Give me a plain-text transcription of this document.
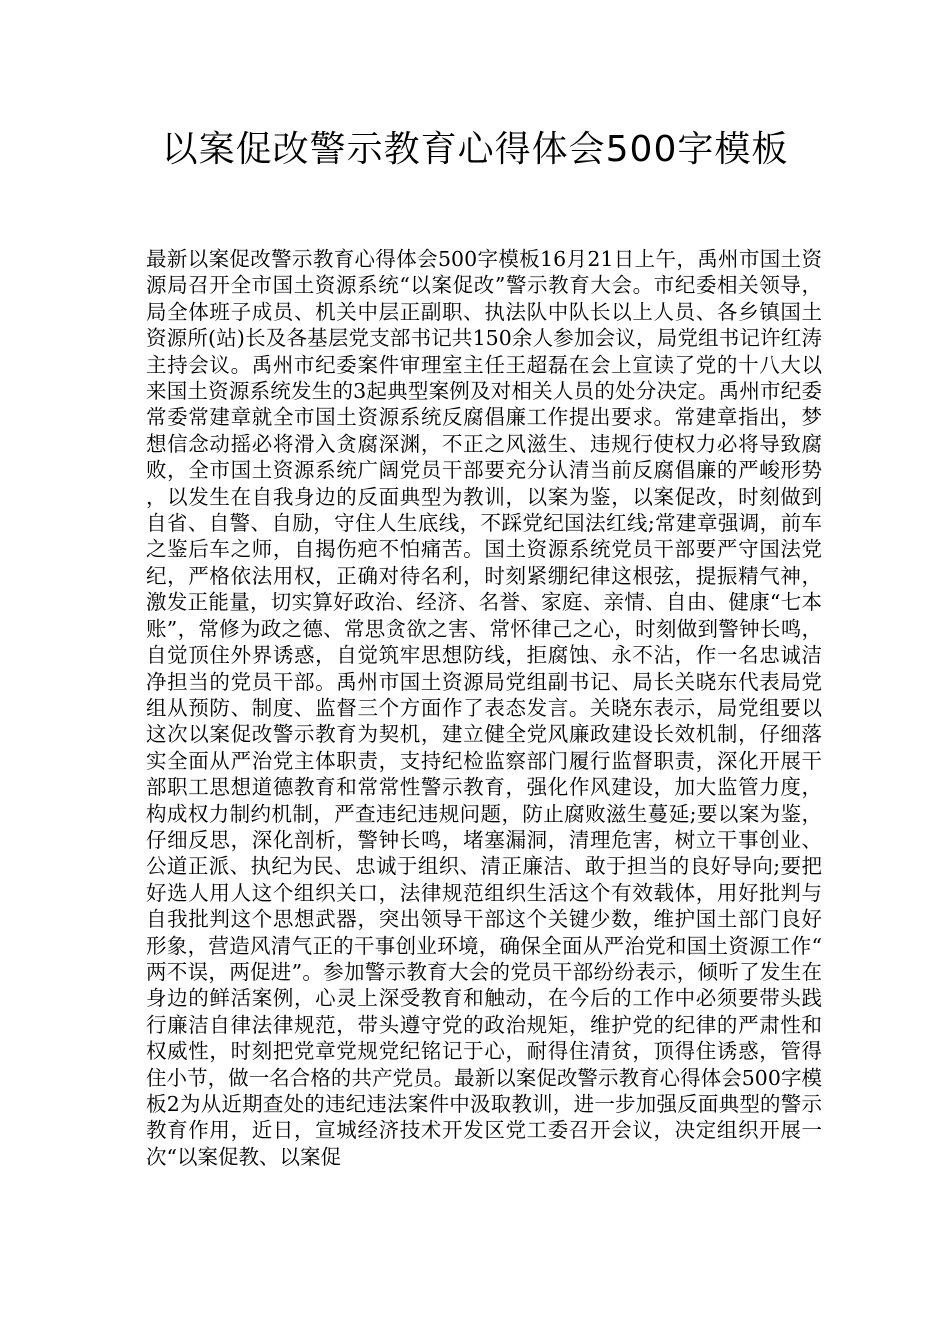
以案促改警示教育心得体会500字模板

最新以案促改警示教育心得体会500字模板16月21日上午，禹州市国土资源局召开全市国土资源系统“以案促改”警示教育大会。市纪委相关领导，局全体班子成员、机关中层正副职、执法队中队长以上人员、各乡镇国土资源所(站)长及各基层党支部书记共150余人参加会议，局党组书记许红涛主持会议。禹州市纪委案件审理室主任王超磊在会上宣读了党的十八大以来国土资源系统发生的3起典型案例及对相关人员的处分决定。禹州市纪委常委常建章就全市国土资源系统反腐倡廉工作提出要求。常建章指出，梦想信念动摇必将滑入贪腐深渊，不正之风滋生、违规行使权力必将导致腐败，全市国土资源系统广阔党员干部要充分认清当前反腐倡廉的严峻形势，以发生在自我身边的反面典型为教训，以案为鉴，以案促改，时刻做到自省、自警、自励，守住人生底线，不踩党纪国法红线;常建章强调，前车之鉴后车之师，自揭伤疤不怕痛苦。国土资源系统党员干部要严守国法党纪，严格依法用权，正确对待名利，时刻紧绷纪律这根弦，提振精气神，激发正能量，切实算好政治、经济、名誉、家庭、亲情、自由、健康“七本账”，常修为政之德、常思贪欲之害、常怀律己之心，时刻做到警钟长鸣，自觉顶住外界诱惑，自觉筑牢思想防线，拒腐蚀、永不沾，作一名忠诚洁净担当的党员干部。禹州市国土资源局党组副书记、局长关晓东代表局党组从预防、制度、监督三个方面作了表态发言。关晓东表示，局党组要以这次以案促改警示教育为契机，建立健全党风廉政建设长效机制，仔细落实全面从严治党主体职责，支持纪检监察部门履行监督职责，深化开展干部职工思想道德教育和常常性警示教育，强化作风建设，加大监管力度，构成权力制约机制，严查违纪违规问题，防止腐败滋生蔓延;要以案为鉴，仔细反思，深化剖析，警钟长鸣，堵塞漏洞，清理危害，树立干事创业、公道正派、执纪为民、忠诚于组织、清正廉洁、敢于担当的良好导向;要把好选人用人这个组织关口，法律规范组织生活这个有效载体，用好批判与自我批判这个思想武器，突出领导干部这个关键少数，维护国土部门良好形象，营造风清气正的干事创业环境，确保全面从严治党和国土资源工作“两不误，两促进”。参加警示教育大会的党员干部纷纷表示，倾听了发生在身边的鲜活案例，心灵上深受教育和触动，在今后的工作中必须要带头践行廉洁自律法律规范，带头遵守党的政治规矩，维护党的纪律的严肃性和权威性，时刻把党章党规党纪铭记于心，耐得住清贫，顶得住诱惑，管得住小节，做一名合格的共产党员。最新以案促改警示教育心得体会500字模板2为从近期查处的违纪违法案件中汲取教训，进一步加强反面典型的警示教育作用，近日，宣城经济技术开发区党工委召开会议，决定组织开展一次“以案促教、以案促
